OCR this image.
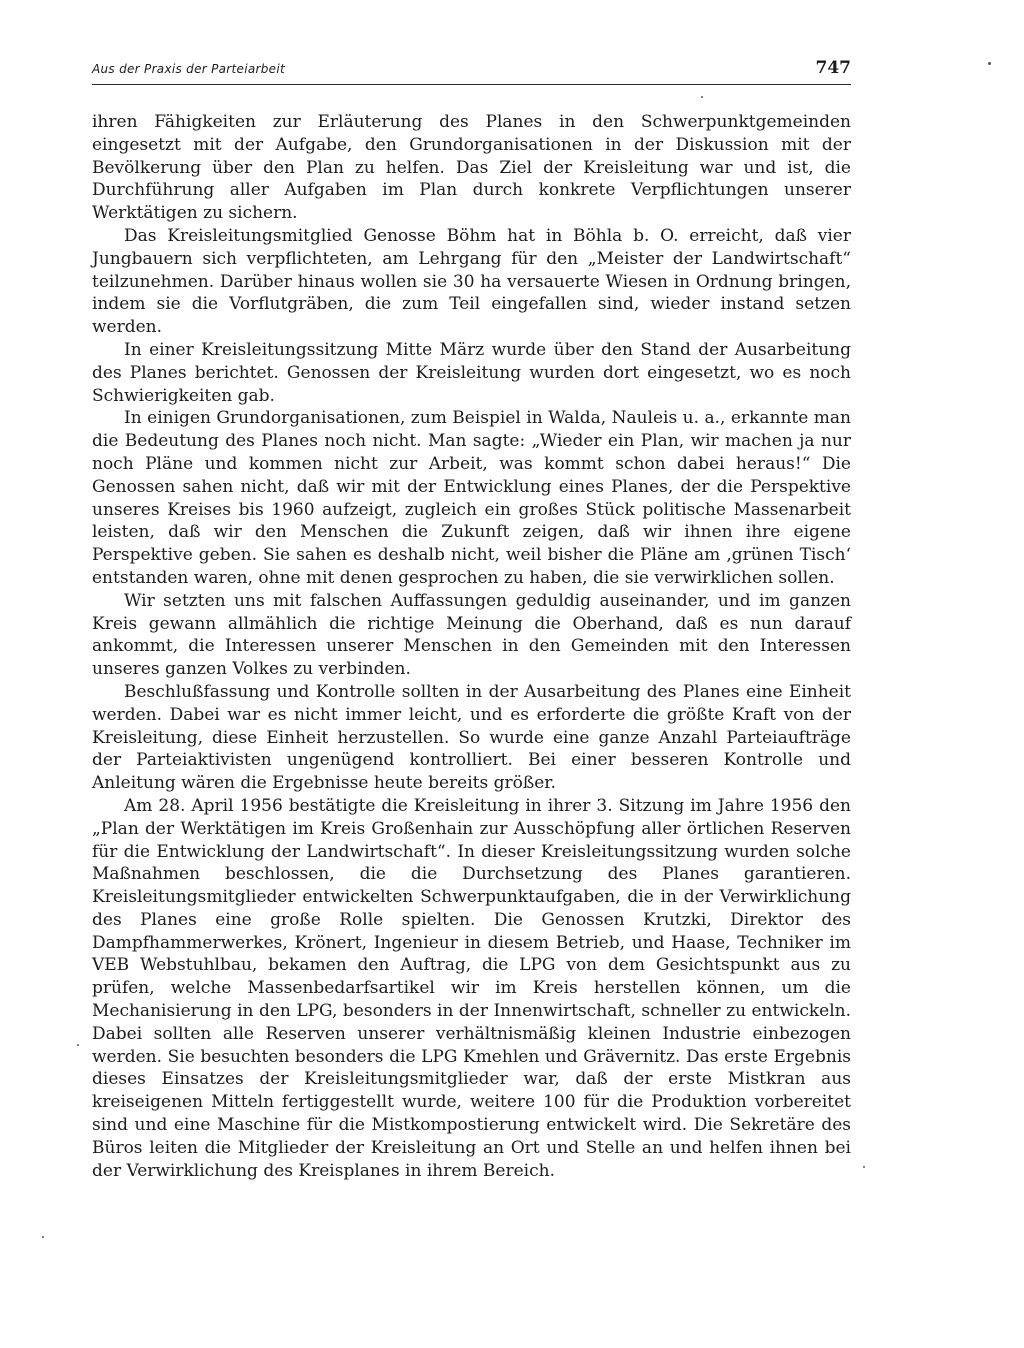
Aus der Praxis der Parteiarbeit	747

ihren Fähigkeiten zur Erläuterung des Planes in den Schwerpunktgemeinden eingesetzt mit der Aufgabe, den Grundorganisationen in der Diskussion mit der Bevölkerung über den Plan zu helfen. Das Ziel der Kreisleitung war und ist, die Durchführung aller Aufgaben im Plan durch konkrete Verpflichtungen unserer Werktätigen zu sichern.

Das Kreisleitungsmitglied Genosse Böhm hat in Böhla b. O. erreicht, daß vier Jungbauern sich verpflichteten, am Lehrgang für den „Meister der Landwirtschaft“ teilzunehmen. Darüber hinaus wollen sie 30 ha versauerte Wiesen in Ordnung bringen, indem sie die Vorflutgräben, die zum Teil eingefallen sind, wieder instand setzen werden.

In einer Kreisleitungssitzung Mitte März wurde über den Stand der Ausarbeitung des Planes berichtet. Genossen der Kreisleitung wurden dort eingesetzt, wo es noch Schwierigkeiten gab.

In einigen Grundorganisationen, zum Beispiel in Walda, Nauleis u. a., erkannte man die Bedeutung des Planes noch nicht. Man sagte: „Wieder ein Plan, wir machen ja nur noch Pläne und kommen nicht zur Arbeit, was kommt schon dabei heraus!“ Die Genossen sahen nicht, daß wir mit der Entwicklung eines Planes, der die Perspektive unseres Kreises bis 1960 aufzeigt, zugleich ein großes Stück politische Massenarbeit leisten, daß wir den Menschen die Zukunft zeigen, daß wir ihnen ihre eigene Perspektive geben. Sie sahen es deshalb nicht, weil bisher die Pläne am ‚grünen Tisch‘ entstanden waren, ohne mit denen gesprochen zu haben, die sie verwirklichen sollen.

Wir setzten uns mit falschen Auffassungen geduldig auseinander, und im ganzen Kreis gewann allmählich die richtige Meinung die Oberhand, daß es nun darauf ankommt, die Interessen unserer Menschen in den Gemeinden mit den Interessen unseres ganzen Volkes zu verbinden.

Beschlußfassung und Kontrolle sollten in der Ausarbeitung des Planes eine Einheit werden. Dabei war es nicht immer leicht, und es erforderte die größte Kraft von der Kreisleitung, diese Einheit herzustellen. So wurde eine ganze Anzahl Parteiaufträge der Parteiaktivisten ungenügend kontrolliert. Bei einer besseren Kontrolle und Anleitung wären die Ergebnisse heute bereits größer.

Am 28. April 1956 bestätigte die Kreisleitung in ihrer 3. Sitzung im Jahre 1956 den „Plan der Werktätigen im Kreis Großenhain zur Ausschöpfung aller örtlichen Reserven für die Entwicklung der Landwirtschaft“. In dieser Kreisleitungssitzung wurden solche Maßnahmen beschlossen, die die Durchsetzung des Planes garantieren. Kreisleitungsmitglieder entwickelten Schwerpunktaufgaben, die in der Verwirklichung des Planes eine große Rolle spielten. Die Genossen Krutzki, Direktor des Dampfhammerwerkes, Krönert, Ingenieur in diesem Betrieb, und Haase, Techniker im VEB Webstuhlbau, bekamen den Auftrag, die LPG von dem Gesichtspunkt aus zu prüfen, welche Massenbedarfsartikel wir im Kreis herstellen können, um die Mechanisierung in den LPG, besonders in der Innenwirtschaft, schneller zu entwickeln. Dabei sollten alle Reserven unserer verhältnismäßig kleinen Industrie einbezogen werden. Sie besuchten besonders die LPG Kmehlen und Grävernitz. Das erste Ergebnis dieses Einsatzes der Kreisleitungsmitglieder war, daß der erste Mistkran aus kreiseigenen Mitteln fertiggestellt wurde, weitere 100 für die Produktion vorbereitet sind und eine Maschine für die Mistkompostierung entwickelt wird. Die Sekretäre des Büros leiten die Mitglieder der Kreisleitung an Ort und Stelle an und helfen ihnen bei der Verwirklichung des Kreisplanes in ihrem Bereich.
